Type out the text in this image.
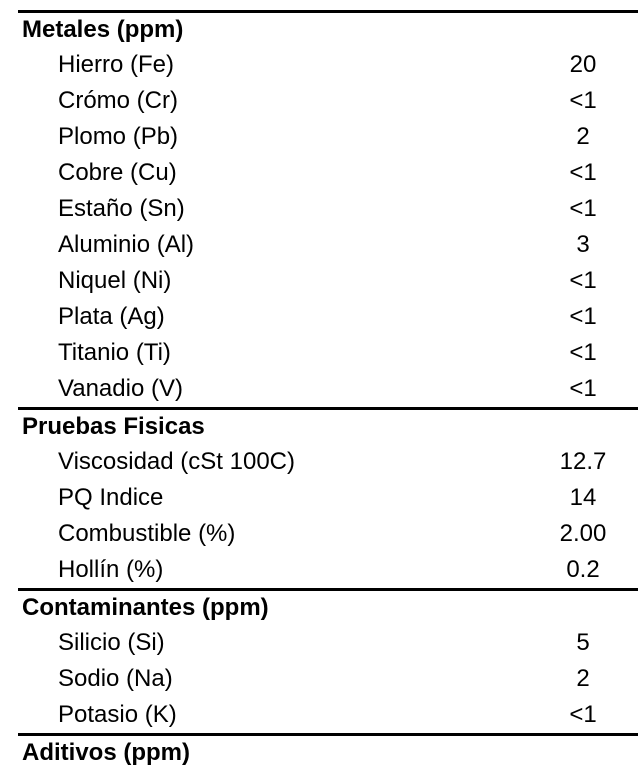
Metales (ppm)
Hierro (Fe)	20
Crómo (Cr)	<1
Plomo (Pb)	2
Cobre (Cu)	<1
Estaño (Sn)	<1
Aluminio (Al)	3
Niquel (Ni)	<1
Plata (Ag)	<1
Titanio (Ti)	<1
Vanadio (V)	<1
Pruebas Fisicas
Viscosidad (cSt 100C)	12.7
PQ Indice	14
Combustible (%)	2.00
Hollín (%)	0.2
Contaminantes (ppm)
Silicio (Si)	5
Sodio (Na)	2
Potasio (K)	<1
Aditivos (ppm)
